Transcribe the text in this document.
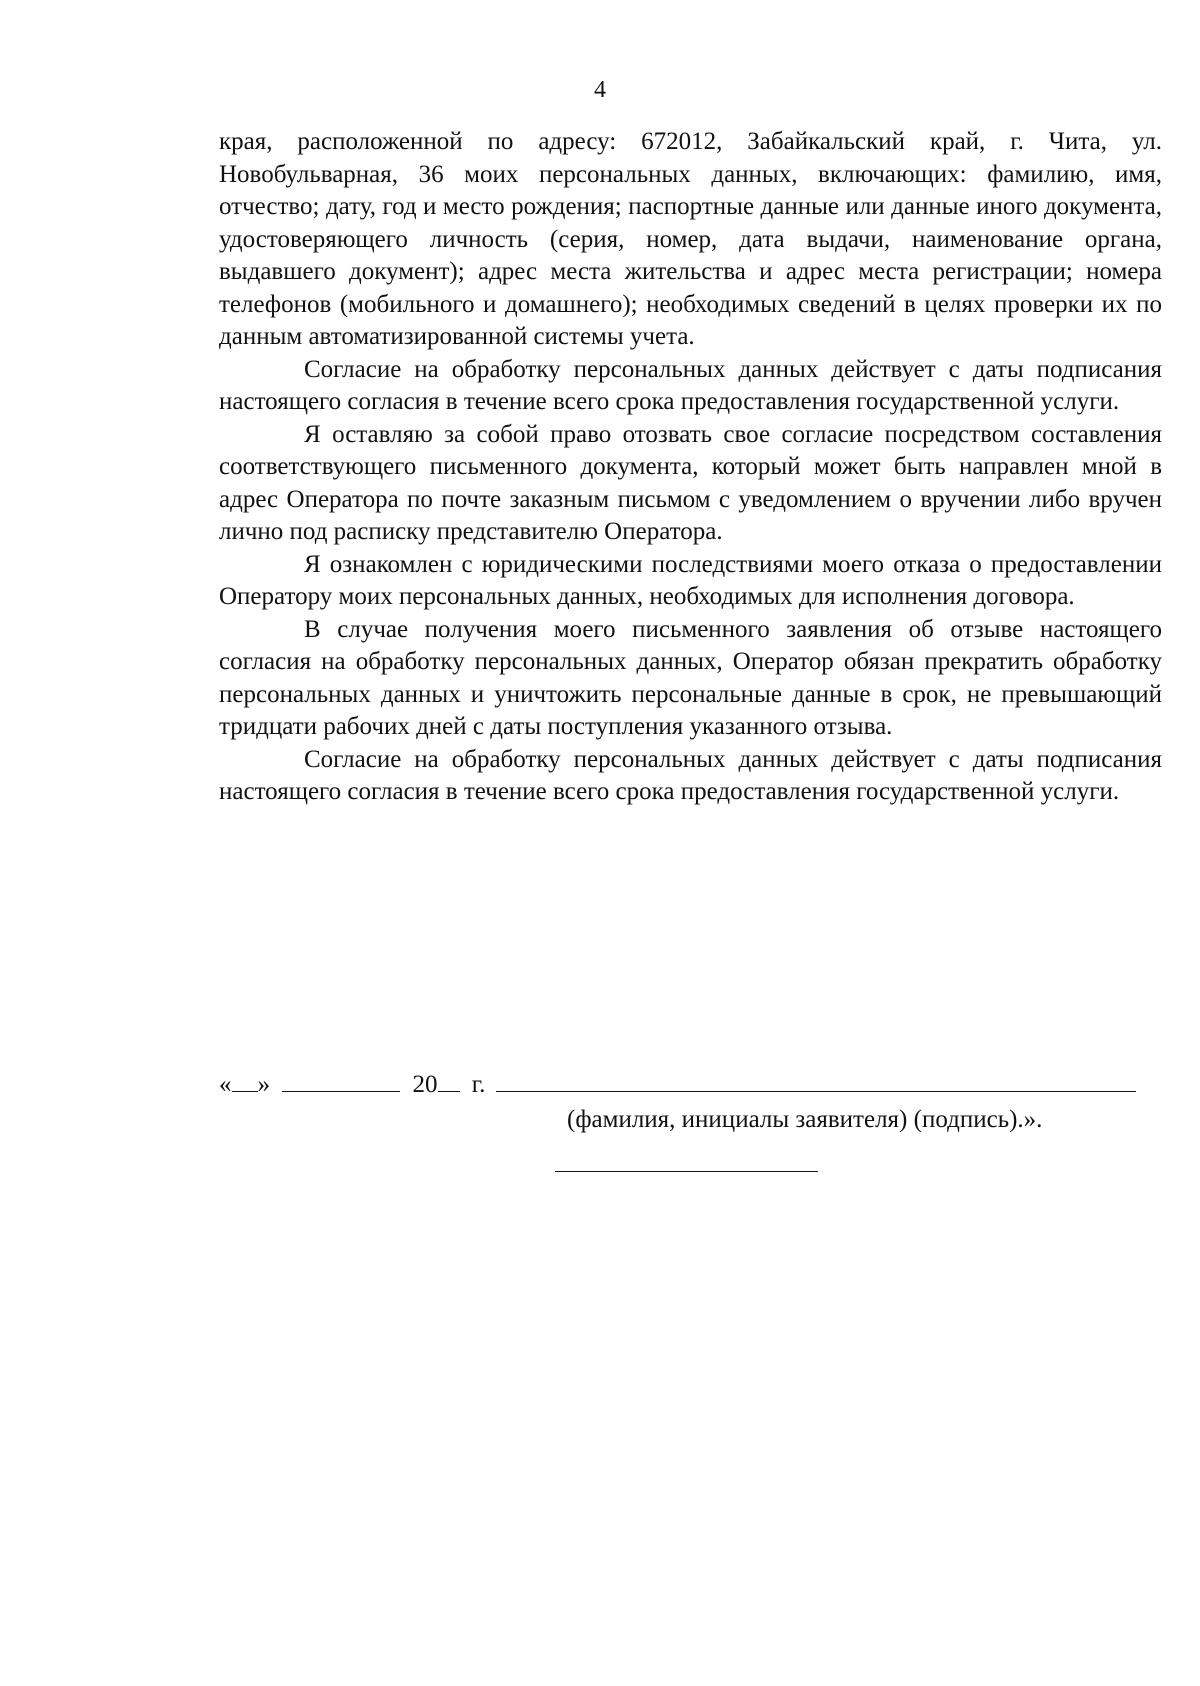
4

края, расположенной по адресу: 672012, Забайкальский край, г. Чита, ул. Новобульварная, 36 моих персональных данных, включающих: фамилию, имя, отчество; дату, год и место рождения; паспортные данные или данные иного документа, удостоверяющего личность (серия, номер, дата выдачи, наименование органа, выдавшего документ); адрес места жительства и адрес места регистрации; номера телефонов (мобильного и домашнего); необходимых сведений в целях проверки их по данным автоматизированной системы учета.

Согласие на обработку персональных данных действует с даты подписания настоящего согласия в течение всего срока предоставления государственной услуги.

Я оставляю за собой право отозвать свое согласие посредством составления соответствующего письменного документа, который может быть направлен мной в адрес Оператора по почте заказным письмом с уведомлением о вручении либо вручен лично под расписку представителю Оператора.

Я ознакомлен с юридическими последствиями моего отказа о предоставлении Оператору моих персональных данных, необходимых для исполнения договора.

В случае получения моего письменного заявления об отзыве настоящего согласия на обработку персональных данных, Оператор обязан прекратить обработку персональных данных и уничтожить персональные данные в срок, не превышающий тридцати рабочих дней с даты поступления указанного отзыва.

Согласие на обработку персональных данных действует с даты подписания настоящего согласия в течение всего срока предоставления государственной услуги.

« »	20 г.
(фамилия, инициалы заявителя) (подпись).».
